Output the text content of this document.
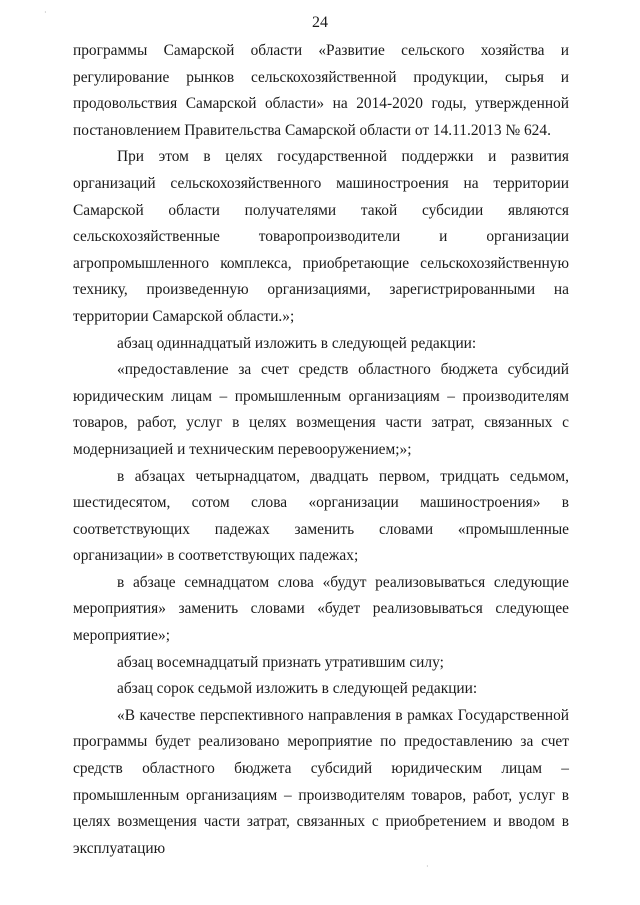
24

программы Самарской области «Развитие сельского хозяйства и регулирование рынков сельскохозяйственной продукции, сырья и продовольствия Самарской области» на 2014-2020 годы, утвержденной постановлением Правительства Самарской области от 14.11.2013 № 624.

При этом в целях государственной поддержки и развития организаций сельскохозяйственного машиностроения на территории Самарской области получателями такой субсидии являются сельскохозяйственные товаропроизводители и организации агропромышленного комплекса, приобретающие сельскохозяйственную технику, произведенную организациями, зарегистрированными на территории Самарской области.»;

абзац одиннадцатый изложить в следующей редакции:

«предоставление за счет средств областного бюджета субсидий юридическим лицам – промышленным организациям – производителям товаров, работ, услуг в целях возмещения части затрат, связанных с модернизацией и техническим перевооружением;»;

в абзацах четырнадцатом, двадцать первом, тридцать седьмом, шестидесятом, сотом слова «организации машиностроения» в соответствующих падежах заменить словами «промышленные организации» в соответствующих падежах;

в абзаце семнадцатом слова «будут реализовываться следующие мероприятия» заменить словами «будет реализовываться следующее мероприятие»;

абзац восемнадцатый признать утратившим силу;

абзац сорок седьмой изложить в следующей редакции:

«В качестве перспективного направления в рамках Государственной программы будет реализовано мероприятие по предоставлению за счет средств областного бюджета субсидий юридическим лицам – промышленным организациям – производителям товаров, работ, услуг в целях возмещения части затрат, связанных с приобретением и вводом в эксплуатацию

·
·
